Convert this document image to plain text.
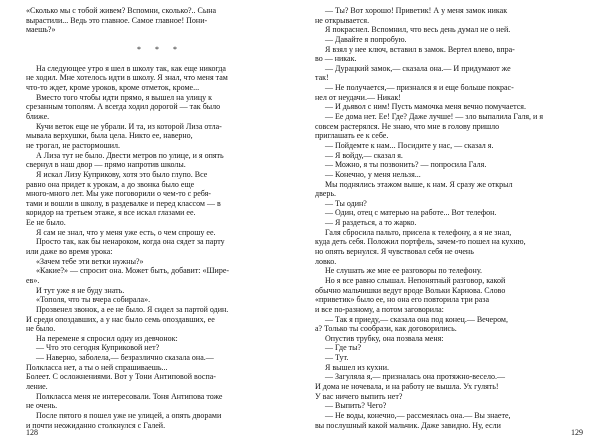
«Сколько мы с тобой живем? Вспомни, сколько?.. Сына
вырастили... Ведь это главное. Самое главное! Пони-
маешь?»
* * *
На следующее утро я шел в школу так, как еще никогда
не ходил. Мне хотелось идти в школу. Я знал, что меня там
что-то ждет, кроме уроков, кроме отметок, кроме...
Вместо того чтобы идти прямо, я вышел на улицу к
срезанным тополям. А всегда ходил дорогой — так было
ближе.
Кучи веток еще не убрали. И та, из которой Лиза отла-
мывала верхушки, была цела. Никто ее, наверно,
не трогал, не растормошил.
А Лиза тут не было. Двести метров по улице, и я опять
свернул в наш двор — прямо напротив школы.
Я искал Лизу Куприкову, хотя это было глупо. Все
равно она придет к урокам, а до звонка было еще
много-много лет. Мы уже поговорили о чем-то с ребя-
тами и вошли в школу, в раздевалке и перед классом — в
коридор на третьем этаже, я все искал глазами ее.
Ее не было.
Я сам не знал, что у меня уже есть, о чем спрошу ее.
Просто так, как бы ненароком, когда она сядет за парту
или даже во время урока:
«Зачем тебе эти ветки нужны?»
«Какие?» — спросит она. Может быть, добавит: «Шире-
ев».
И тут уже я не буду знать.
«Тополя, что ты вчера собирала».
Прозвенел звонок, а ее не было. Я сидел за партой один.
И среди опоздавших, а у нас было семь опоздавших, ее
не было.
На перемене я спросил одну из девчонок:
— Что это сегодня Куприковой нет?
— Наверно, заболела,— безразлично сказала она.—
Полкласса нет, а ты о ней спрашиваешь...
Болеет. С осложнениями. Вот у Тони Антиповой воспа-
ление.
Полкласса меня не интересовали. Тоня Антипова тоже
не очень.
После пятого я пошел уже не улицей, а опять дворами
и почти неожиданно столкнулся с Галей.
128
— Ты? Вот хорошо! Приветик! А у меня замок никак
не открывается.
Я покраснел. Вспомнил, что весь день думал не о ней.
— Давайте я попробую.
Я взял у нее ключ, вставил в замок. Вертел влево, впра-
во — никак.
— Дурацкий замок,— сказала она.— И придумают же
так!
— Не получается,— признался я и еще больше покрас-
нел от неудачи.— Никак!
— И дьявол с ним! Пусть мамочка меня вечно помучается.
— Ее дома нет. Ее! Где? Даже лучше! — зло выпалила Галя, и я
совсем растерялся. Не знаю, что мне в голову пришло
приглашать ее к себе.
— Пойдемте к нам... Посидите у нас, — сказал я.
— Я войду,— сказал я.
— Можно, я ты позвонить? — попросила Галя.
— Конечно, у меня нельзя...
Мы поднялись этажом выше, к нам. Я сразу же открыл
дверь.
— Ты один?
— Один, отец с матерью на работе... Вот телефон.
— Я раздеться, а то жарко.
Галя сбросила пальто, присела к телефону, а я не знал,
куда деть себя. Положил портфель, зачем-то пошел на кухню,
но опять вернулся. Я чувствовал себя не очень
ловко.
Не слушать же мне ее разговоры по телефону.
Но я все равно слышал. Непонятный разговор, какой
обычно мальчишки ведут вроде Вольки Карнова. Слово
«приветик» было ее, но она его повторила три раза
и все по-разному, а потом заговорила:
— Так я приеду,— сказала она под конец.— Вечером,
а? Только ты сообрази, как договорились.
Опустив трубку, она позвала меня:
— Где ты?
— Тут.
Я вышел из кухни.
— Загуляла я,— призналась она протяжно-весело.—
И дома не ночевала, и на работу не вышла. Ух гулять!
У вас ничего выпить нет?
— Выпить? Чего?
— Не воды, конечно,— рассмеялась она.— Вы знаете,
вы послушный какой мальчик. Даже завидно. Ну, если
129
